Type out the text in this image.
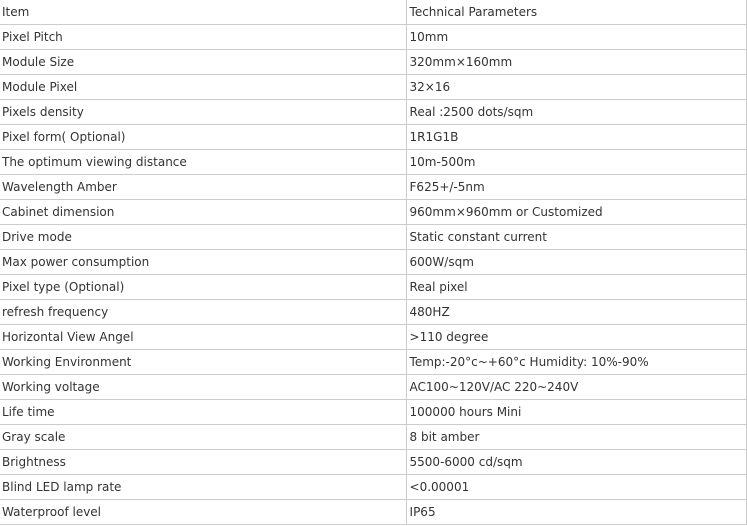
Item	Technical Parameters
Pixel Pitch	10mm
Module Size	320mm×160mm
Module Pixel	32×16
Pixels density	Real :2500 dots/sqm
Pixel form( Optional)	1R1G1B
The optimum viewing distance	10m-500m
Wavelength Amber	F625+/-5nm
Cabinet dimension	960mm×960mm or Customized
Drive mode	Static constant current
Max power consumption	600W/sqm
Pixel type (Optional)	Real pixel
refresh frequency	480HZ
Horizontal View Angel	>110 degree
Working Environment	Temp:-20°c~+60°c Humidity: 10%-90%
Working voltage	AC100~120V/AC 220~240V
Life time	100000 hours Mini
Gray scale	8 bit amber
Brightness	5500-6000 cd/sqm
Blind LED lamp rate	<0.00001
Waterproof level	IP65
